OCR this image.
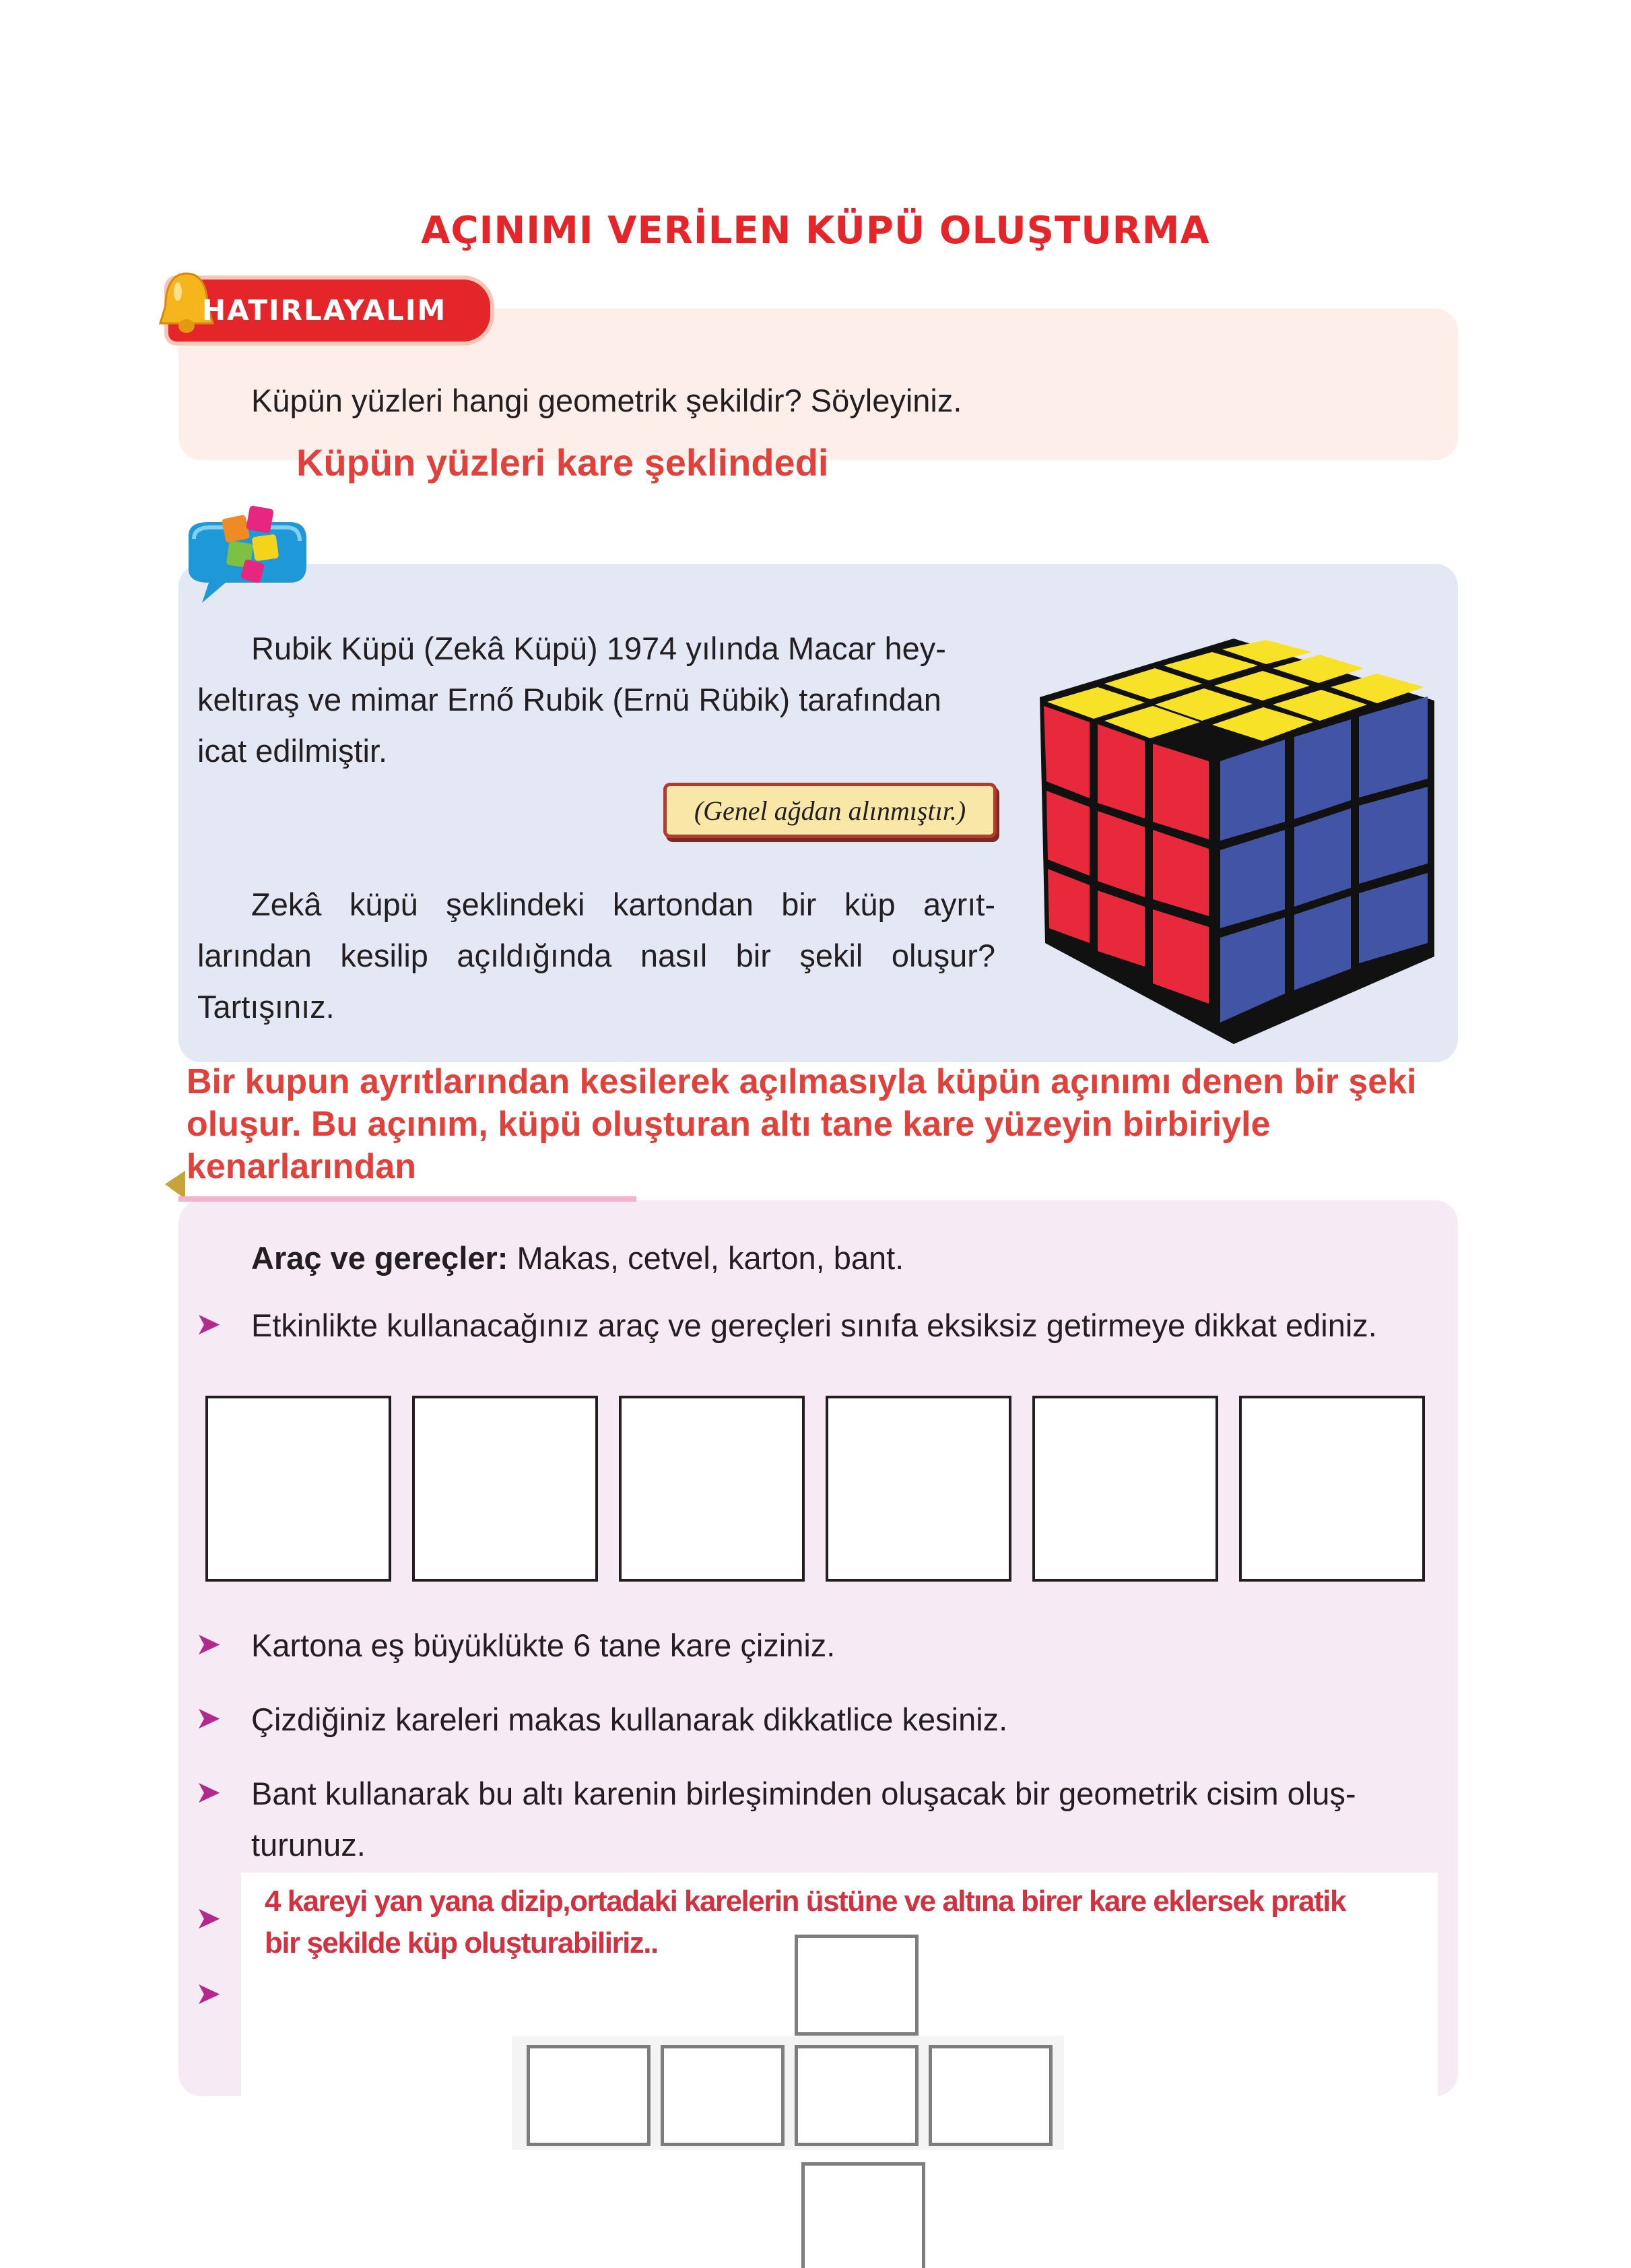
AÇINIMI VERİLEN KÜPÜ OLUŞTURMA
HATIRLAYALIM
Küpün yüzleri hangi geometrik şekildir? Söyleyiniz.
Küpün yüzleri kare şeklindedi
Rubik Küpü (Zekâ Küpü) 1974 yılında Macar hey-
keltıraş ve mimar Ernő Rubik (Ernü Rübik) tarafından
icat edilmiştir.
(Genel ağdan alınmıştır.)
Zekâ küpü şeklindeki kartondan bir küp ayrıt-
larından kesilip açıldığında nasıl bir şekil oluşur?
Tartışınız.
Bir kupun ayrıtlarından kesilerek açılmasıyla küpün açınımı denen bir şeki
oluşur. Bu açınım, küpü oluşturan altı tane kare yüzeyin birbiriyle
kenarlarından
Araç ve gereçler: Makas, cetvel, karton, bant.
➤ Etkinlikte kullanacağınız araç ve gereçleri sınıfa eksiksiz getirmeye dikkat ediniz.
➤ Kartona eş büyüklükte 6 tane kare çiziniz.
➤ Çizdiğiniz kareleri makas kullanarak dikkatlice kesiniz.
➤ Bant kullanarak bu altı karenin birleşiminden oluşacak bir geometrik cisim oluş-
turunuz.
➤
➤
4 kareyi yan yana dizip,ortadaki karelerin üstüne ve altına birer kare eklersek pratik
bir şekilde küp oluşturabiliriz..
